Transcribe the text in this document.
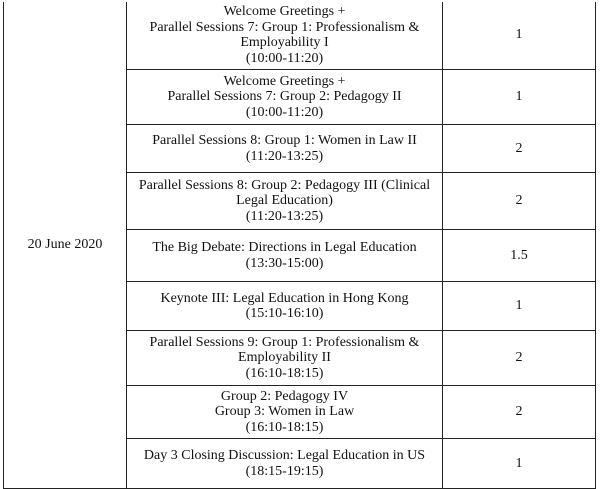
20 June 2020	Welcome Greetings +
Parallel Sessions 7: Group 1: Professionalism &
Employability I
(10:00-11:20)	1

	Welcome Greetings +
Parallel Sessions 7: Group 2: Pedagogy II
(10:00-11:20)	1

	Parallel Sessions 8: Group 1: Women in Law II
(11:20-13:25)	2

	Parallel Sessions 8: Group 2: Pedagogy III (Clinical
Legal Education)
(11:20-13:25)	2

	The Big Debate: Directions in Legal Education
(13:30-15:00)	1.5

	Keynote III: Legal Education in Hong Kong
(15:10-16:10)	1

	Parallel Sessions 9: Group 1: Professionalism &
Employability II
(16:10-18:15)	2

	Group 2: Pedagogy IV
Group 3: Women in Law
(16:10-18:15)	2

	Day 3 Closing Discussion: Legal Education in US
(18:15-19:15)	1
